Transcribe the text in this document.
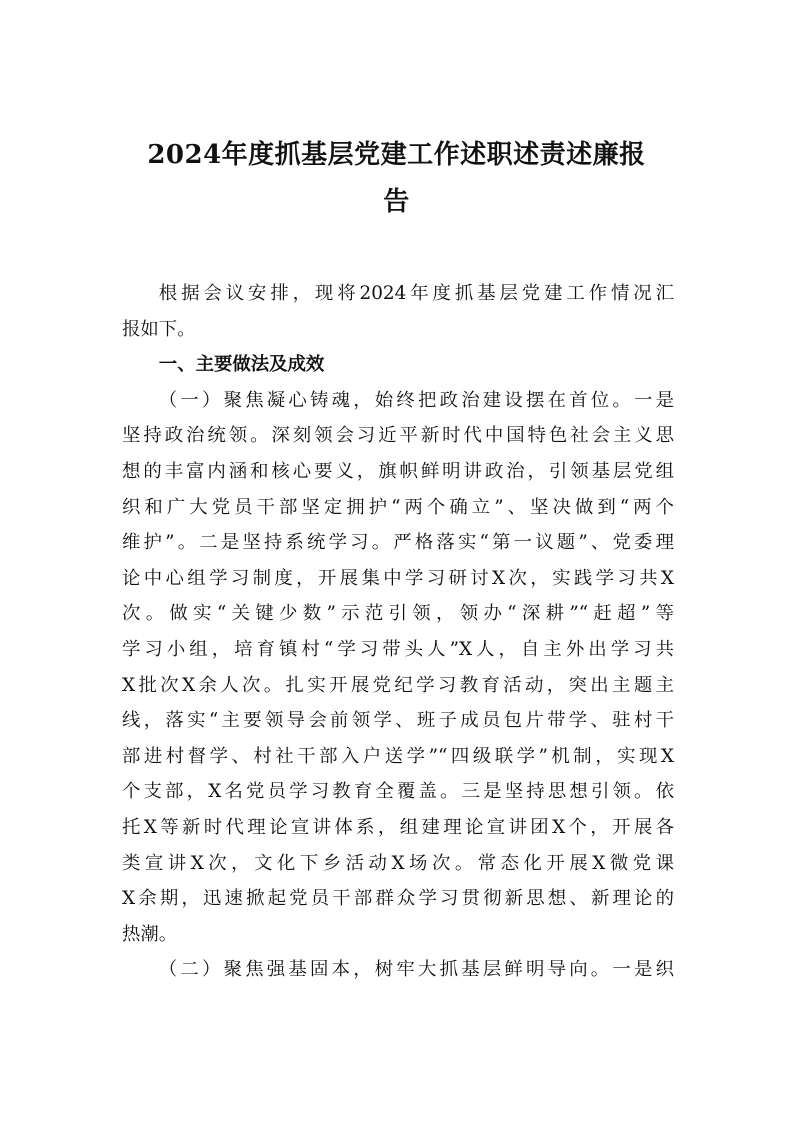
2024年度抓基层党建工作述职述责述廉报
告
根据会议安排，现将2024年度抓基层党建工作情况汇
报如下。
一、主要做法及成效
（一）聚焦凝心铸魂，始终把政治建设摆在首位。一是
坚持政治统领。深刻领会习近平新时代中国特色社会主义思
想的丰富内涵和核心要义，旗帜鲜明讲政治，引领基层党组
织和广大党员干部坚定拥护“两个确立”、坚决做到“两个
维护”。二是坚持系统学习。严格落实“第一议题”、党委理
论中心组学习制度，开展集中学习研讨X次，实践学习共X
次。做实“关键少数”示范引领，领办“深耕”“赶超”等
学习小组，培育镇村“学习带头人”X人，自主外出学习共
X批次X余人次。扎实开展党纪学习教育活动，突出主题主
线，落实“主要领导会前领学、班子成员包片带学、驻村干
部进村督学、村社干部入户送学”“四级联学”机制，实现X
个支部，X名党员学习教育全覆盖。三是坚持思想引领。依
托X等新时代理论宣讲体系，组建理论宣讲团X个，开展各
类宣讲X次，文化下乡活动X场次。常态化开展X微党课
X余期，迅速掀起党员干部群众学习贯彻新思想、新理论的
热潮。
（二）聚焦强基固本，树牢大抓基层鲜明导向。一是织
